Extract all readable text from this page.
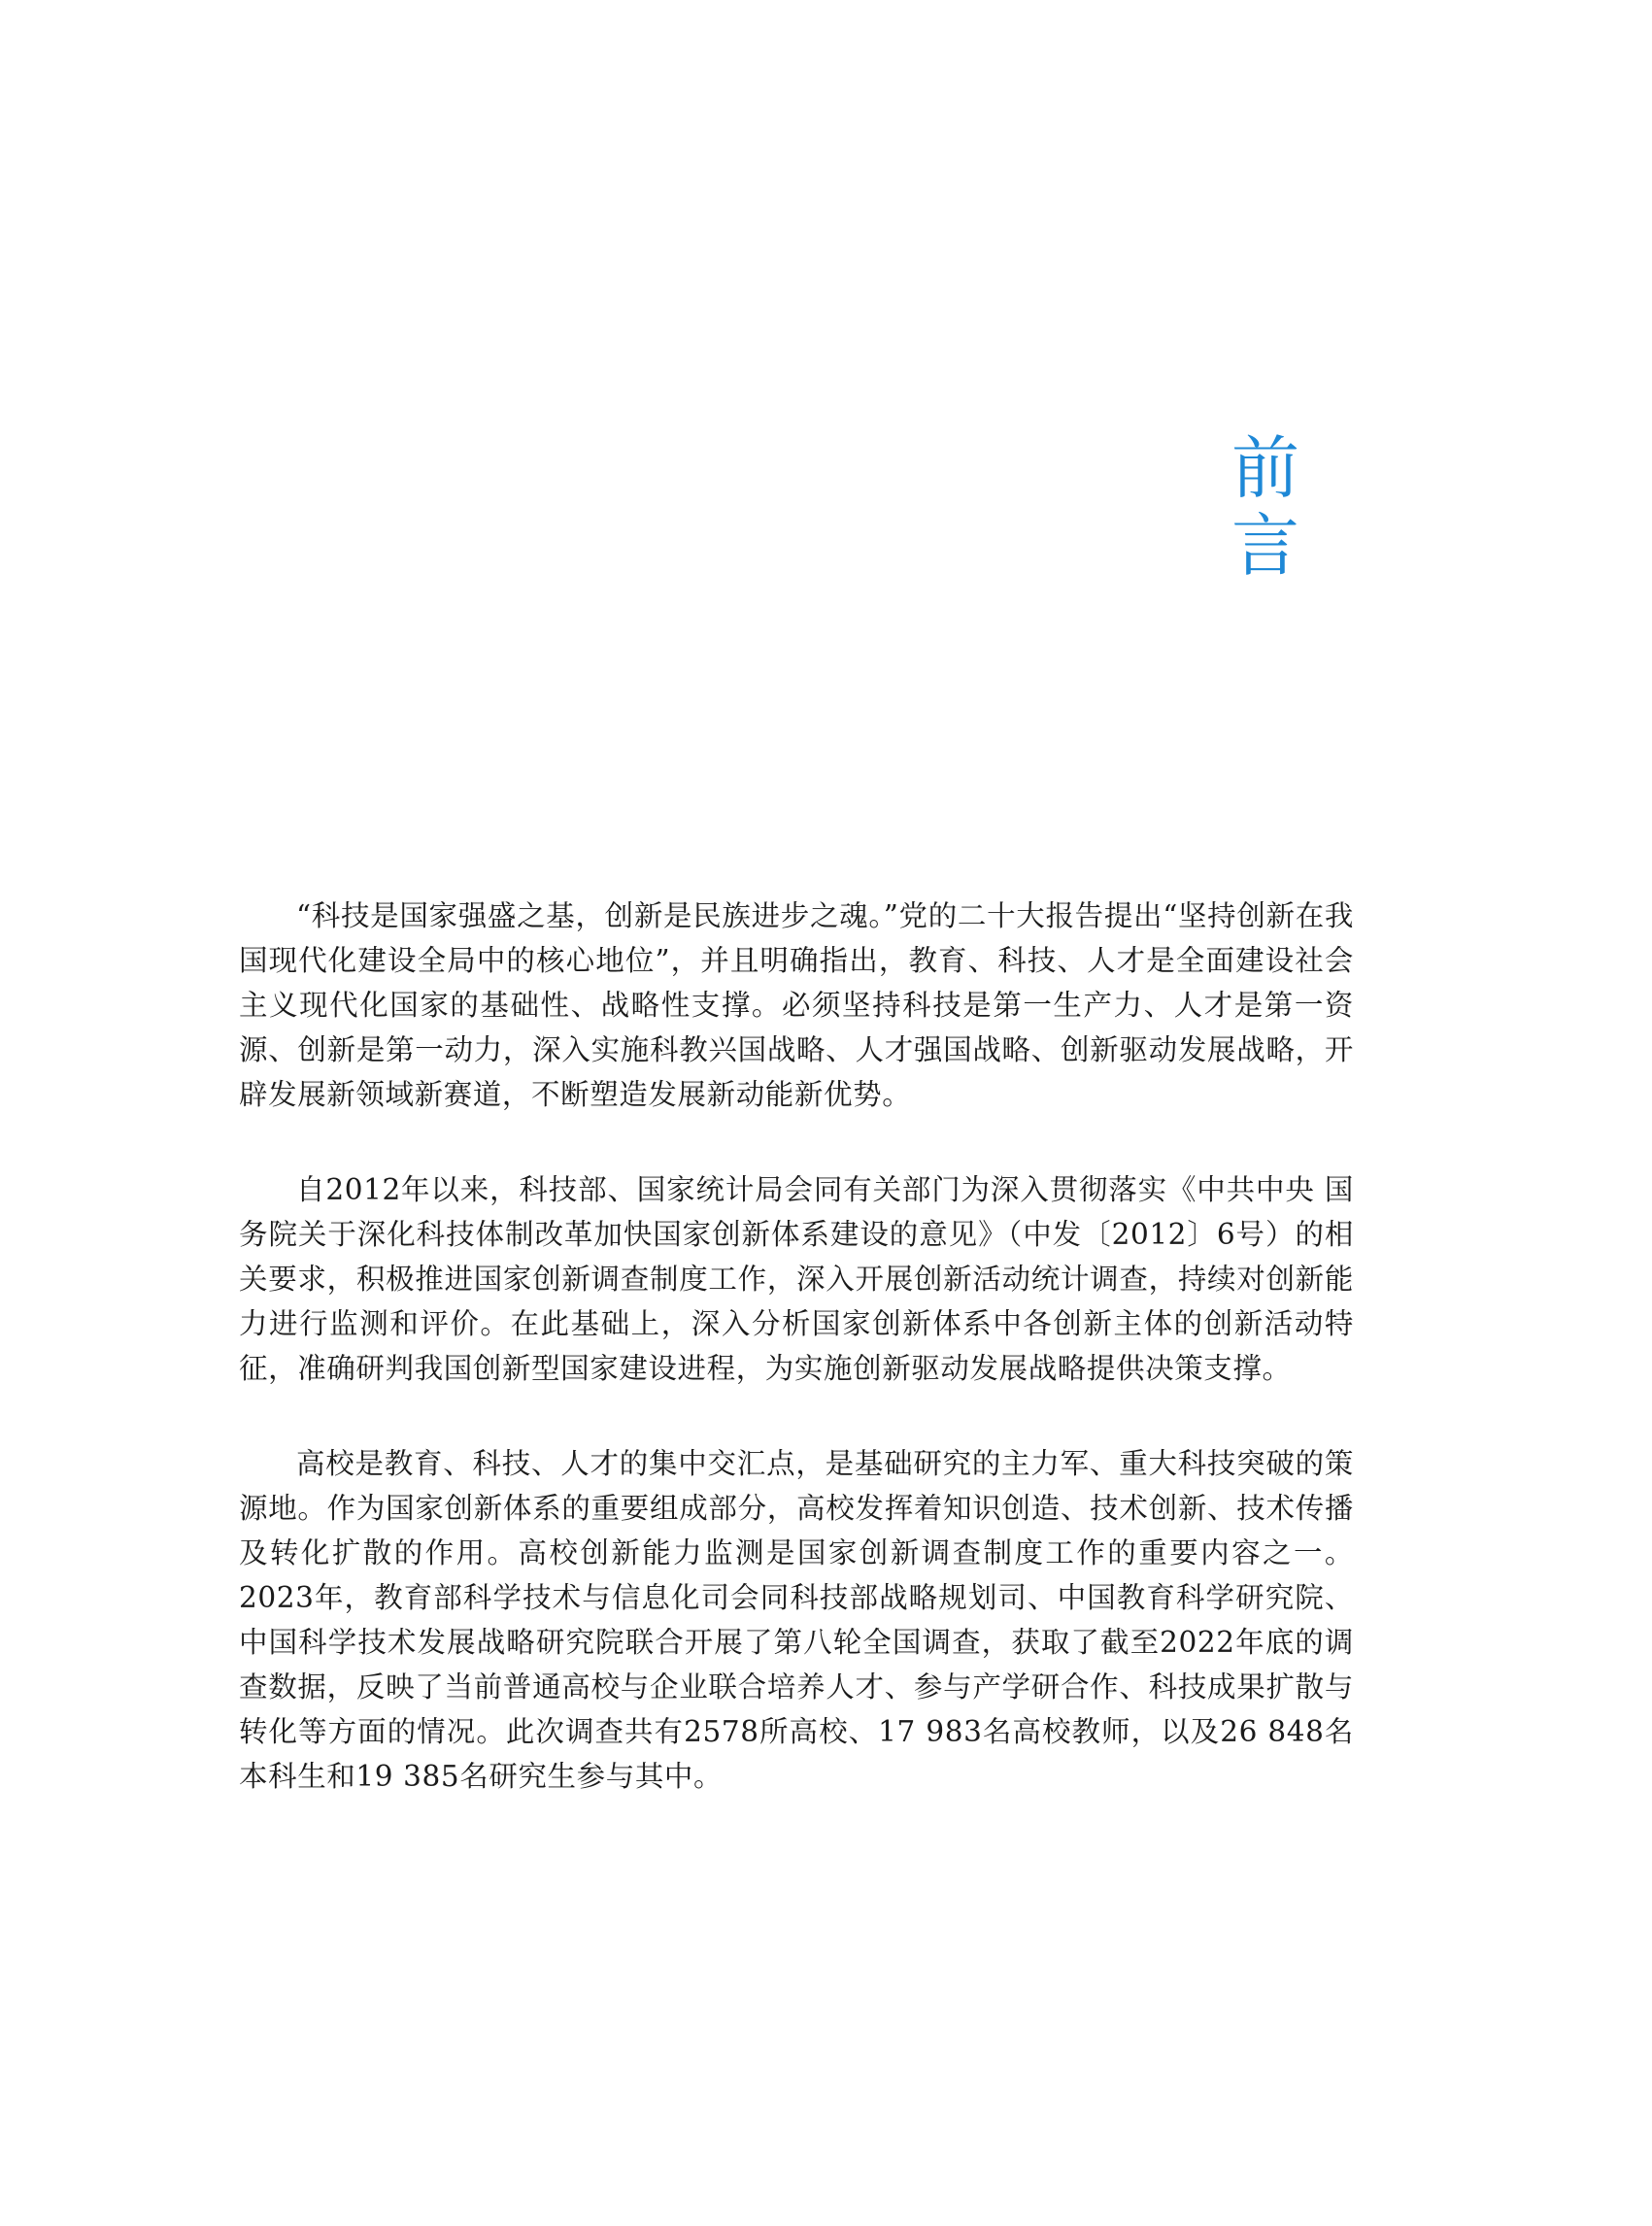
前 言

“科技是国家强盛之基，创新是民族进步之魂。”党的二十大报告提出“坚持创新在我国现代化建设全局中的核心地位”，并且明确指出，教育、科技、人才是全面建设社会主义现代化国家的基础性、战略性支撑。必须坚持科技是第一生产力、人才是第一资源、创新是第一动力，深入实施科教兴国战略、人才强国战略、创新驱动发展战略，开辟发展新领域新赛道，不断塑造发展新动能新优势。

自2012年以来，科技部、国家统计局会同有关部门为深入贯彻落实《中共中央 国务院关于深化科技体制改革加快国家创新体系建设的意见》（中发〔2012〕6号）的相关要求，积极推进国家创新调查制度工作，深入开展创新活动统计调查，持续对创新能力进行监测和评价。在此基础上，深入分析国家创新体系中各创新主体的创新活动特征，准确研判我国创新型国家建设进程，为实施创新驱动发展战略提供决策支撑。

高校是教育、科技、人才的集中交汇点，是基础研究的主力军、重大科技突破的策源地。作为国家创新体系的重要组成部分，高校发挥着知识创造、技术创新、技术传播及转化扩散的作用。高校创新能力监测是国家创新调查制度工作的重要内容之一。2023年，教育部科学技术与信息化司会同科技部战略规划司、中国教育科学研究院、中国科学技术发展战略研究院联合开展了第八轮全国调查，获取了截至2022年底的调查数据，反映了当前普通高校与企业联合培养人才、参与产学研合作、科技成果扩散与转化等方面的情况。此次调查共有2578所高校、17 983名高校教师，以及26 848名本科生和19 385名研究生参与其中。
